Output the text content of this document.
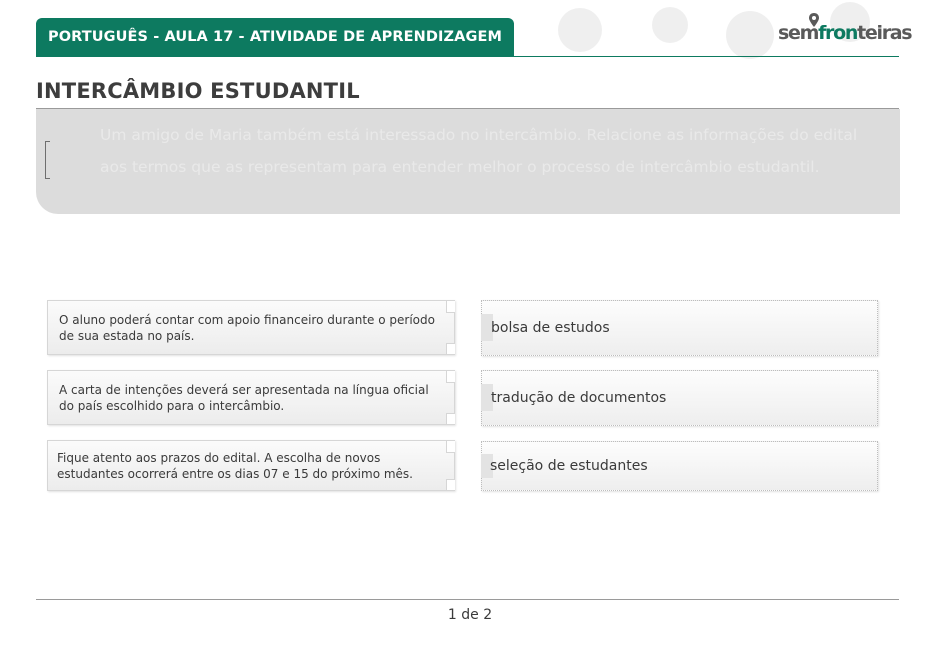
PORTUGUÊS - AULA 17 - ATIVIDADE DE APRENDIZAGEM	semfronteiras
INTERCÂMBIO ESTUDANTIL
Um amigo de Maria também está interessado no intercâmbio. Relacione as informações do edital aos termos que as representam para entender melhor o processo de intercâmbio estudantil.
O aluno poderá contar com apoio financeiro durante o período de sua estada no país.
A carta de intenções deverá ser apresentada na língua oficial do país escolhido para o intercâmbio.
Fique atento aos prazos do edital. A escolha de novos estudantes ocorrerá entre os dias 07 e 15 do próximo mês.
bolsa de estudos
tradução de documentos
seleção de estudantes
1 de 2
